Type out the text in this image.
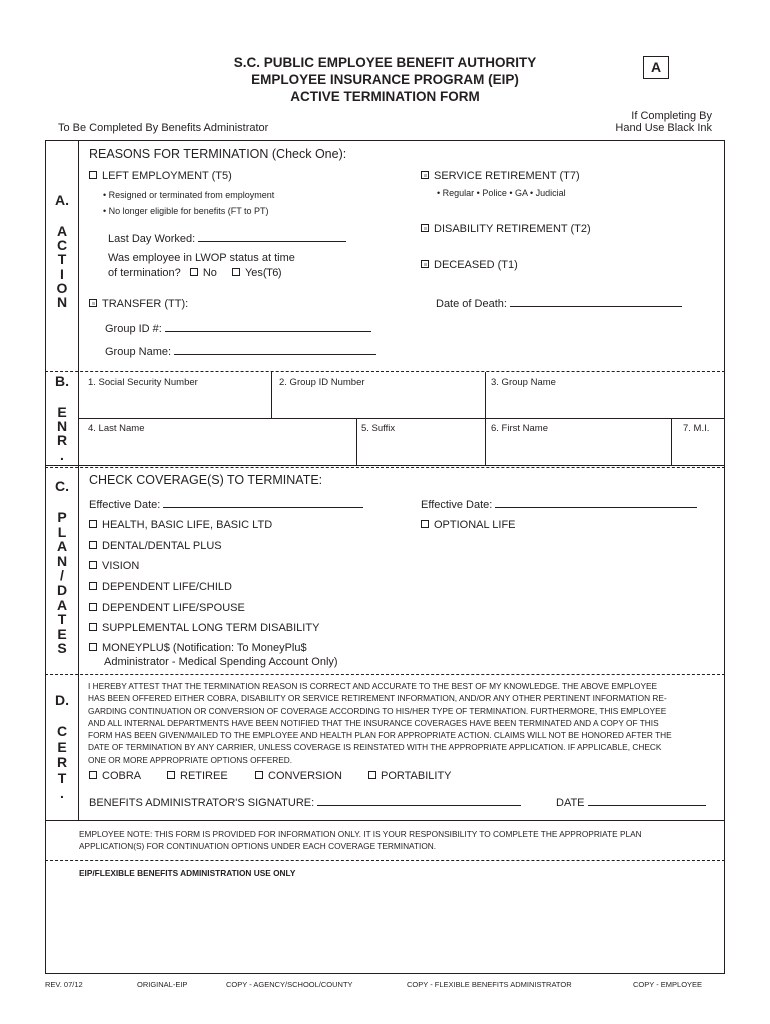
S.C. PUBLIC EMPLOYEE BENEFIT AUTHORITY
EMPLOYEE INSURANCE PROGRAM (EIP)
ACTIVE TERMINATION FORM
A
To Be Completed By Benefits Administrator
If Completing By
Hand Use Black Ink
A.
A
C
T
I
O
N
REASONS FOR TERMINATION (Check One):
LEFT EMPLOYMENT (T5)
• Resigned or terminated from employment
• No longer eligible for benefits (FT to PT)
Last Day Worked:
Was employee in LWOP status at time
of termination? No	Yes(T6)
TRANSFER (TT):
Group ID #:
Group Name:
SERVICE RETIREMENT (T7)
• Regular • Police • GA • Judicial
DISABILITY RETIREMENT (T2)
DECEASED (T1)
Date of Death:
B.
E
N
R
.
1. Social Security Number	2. Group ID Number	3. Group Name
4. Last Name	5. Suffix	6. First Name	7. M.I.
C.
P
L
A
N
/
D
A
T
E
S
CHECK COVERAGE(S) TO TERMINATE:
Effective Date:	Effective Date:
HEALTH, BASIC LIFE, BASIC LTD	OPTIONAL LIFE
DENTAL/DENTAL PLUS
VISION
DEPENDENT LIFE/CHILD
DEPENDENT LIFE/SPOUSE
SUPPLEMENTAL LONG TERM DISABILITY
MONEYPLU$ (Notification: To MoneyPlu$
Administrator - Medical Spending Account Only)
D.
C
E
R
T
.
I HEREBY ATTEST THAT THE TERMINATION REASON IS CORRECT AND ACCURATE TO THE BEST OF MY KNOWLEDGE. THE ABOVE EMPLOYEE
HAS BEEN OFFERED EITHER COBRA, DISABILITY OR SERVICE RETIREMENT INFORMATION, AND/OR ANY OTHER PERTINENT INFORMATION RE-
GARDING CONTINUATION OR CONVERSION OF COVERAGE ACCORDING TO HIS/HER TYPE OF TERMINATION. FURTHERMORE, THIS EMPLOYEE
AND ALL INTERNAL DEPARTMENTS HAVE BEEN NOTIFIED THAT THE INSURANCE COVERAGES HAVE BEEN TERMINATED AND A COPY OF THIS
FORM HAS BEEN GIVEN/MAILED TO THE EMPLOYEE AND HEALTH PLAN FOR APPROPRIATE ACTION. CLAIMS WILL NOT BE HONORED AFTER THE
DATE OF TERMINATION BY ANY CARRIER, UNLESS COVERAGE IS REINSTATED WITH THE APPROPRIATE APPLICATION. IF APPLICABLE, CHECK
ONE OR MORE APPROPRIATE OPTIONS OFFERED.
COBRA	RETIREE	CONVERSION	PORTABILITY
BENEFITS ADMINISTRATOR'S SIGNATURE:	DATE
EMPLOYEE NOTE: THIS FORM IS PROVIDED FOR INFORMATION ONLY. IT IS YOUR RESPONSIBILITY TO COMPLETE THE APPROPRIATE PLAN
APPLICATION(S) FOR CONTINUATION OPTIONS UNDER EACH COVERAGE TERMINATION.
EIP/FLEXIBLE BENEFITS ADMINISTRATION USE ONLY
REV. 07/12	ORIGINAL-EIP	COPY - AGENCY/SCHOOL/COUNTY	COPY - FLEXIBLE BENEFITS ADMINISTRATOR	COPY - EMPLOYEE
